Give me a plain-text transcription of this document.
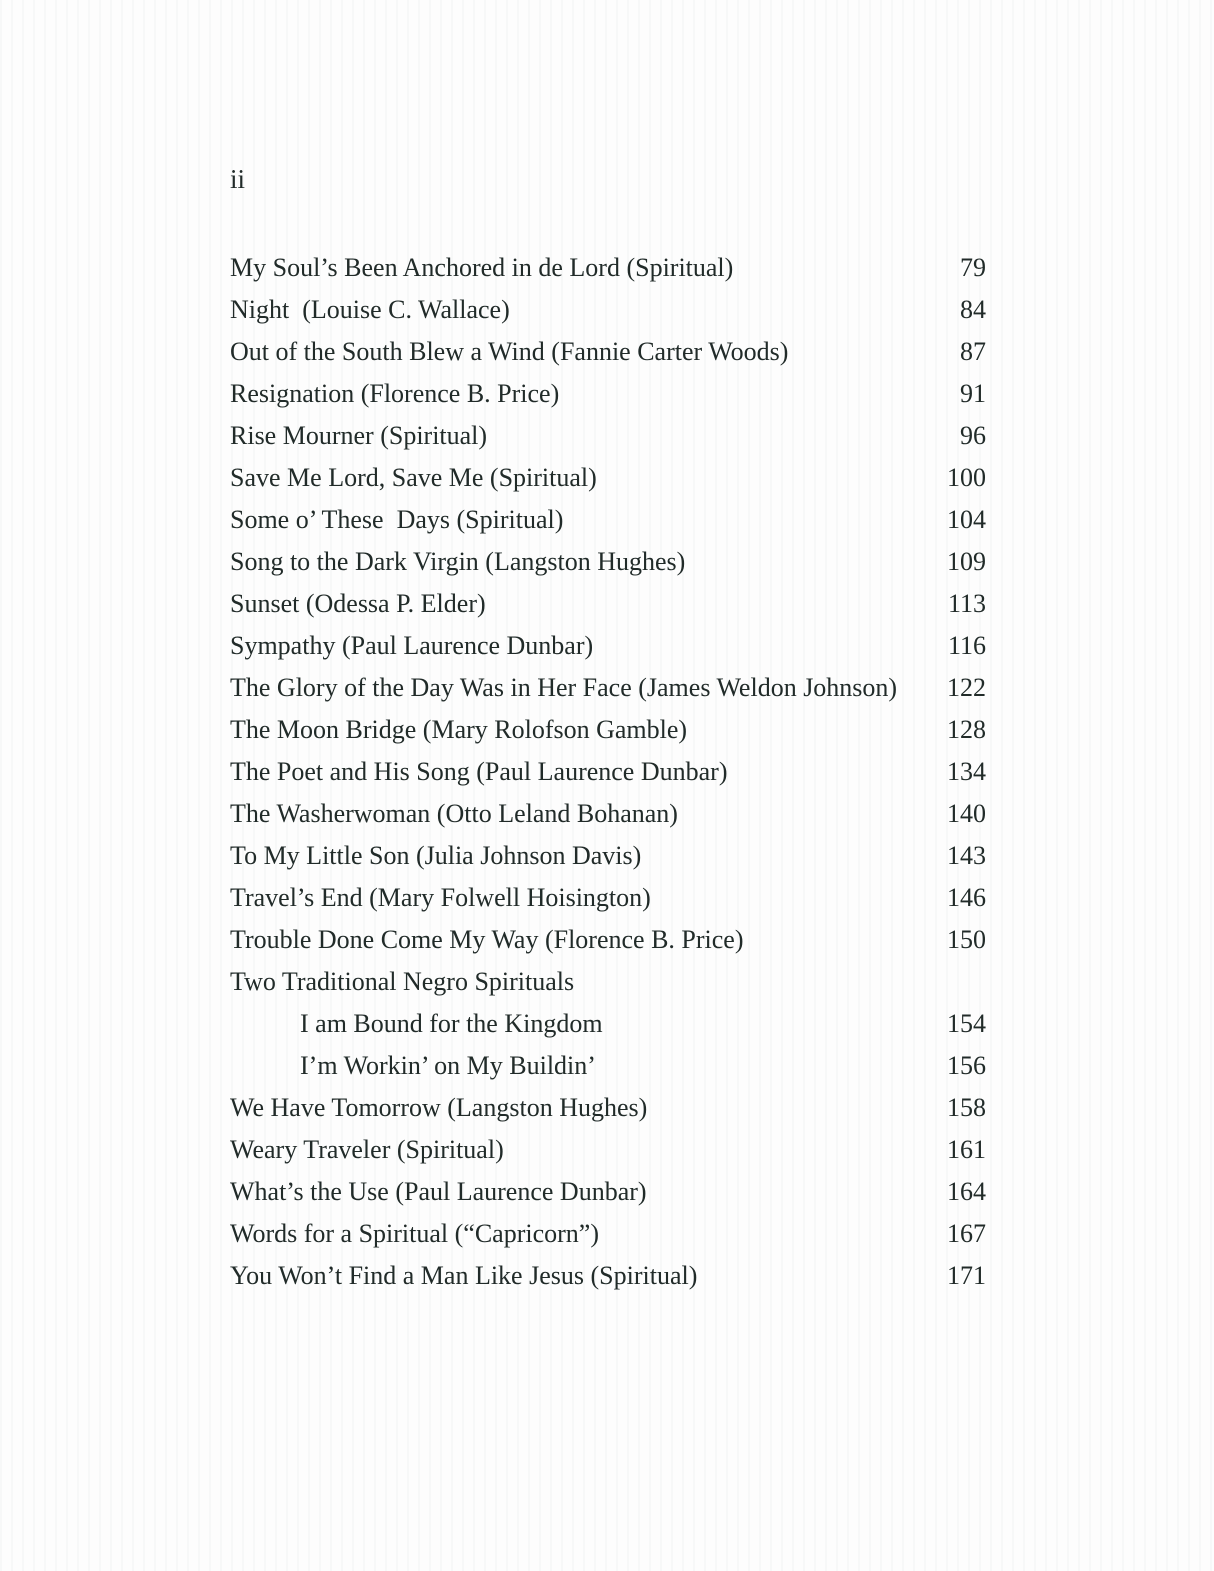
ii
My Soul’s Been Anchored in de Lord (Spiritual)	79
Night  (Louise C. Wallace)	84
Out of the South Blew a Wind (Fannie Carter Woods)	87
Resignation (Florence B. Price)	91
Rise Mourner (Spiritual)	96
Save Me Lord, Save Me (Spiritual)	100
Some o’ These  Days (Spiritual)	104
Song to the Dark Virgin (Langston Hughes)	109
Sunset (Odessa P. Elder)	113
Sympathy (Paul Laurence Dunbar)	116
The Glory of the Day Was in Her Face (James Weldon Johnson)	122
The Moon Bridge (Mary Rolofson Gamble)	128
The Poet and His Song (Paul Laurence Dunbar)	134
The Washerwoman (Otto Leland Bohanan)	140
To My Little Son (Julia Johnson Davis)	143
Travel’s End (Mary Folwell Hoisington)	146
Trouble Done Come My Way (Florence B. Price)	150
Two Traditional Negro Spirituals
I am Bound for the Kingdom	154
I’m Workin’ on My Buildin’	156
We Have Tomorrow (Langston Hughes)	158
Weary Traveler (Spiritual)	161
What’s the Use (Paul Laurence Dunbar)	164
Words for a Spiritual (“Capricorn”)	167
You Won’t Find a Man Like Jesus (Spiritual)	171
